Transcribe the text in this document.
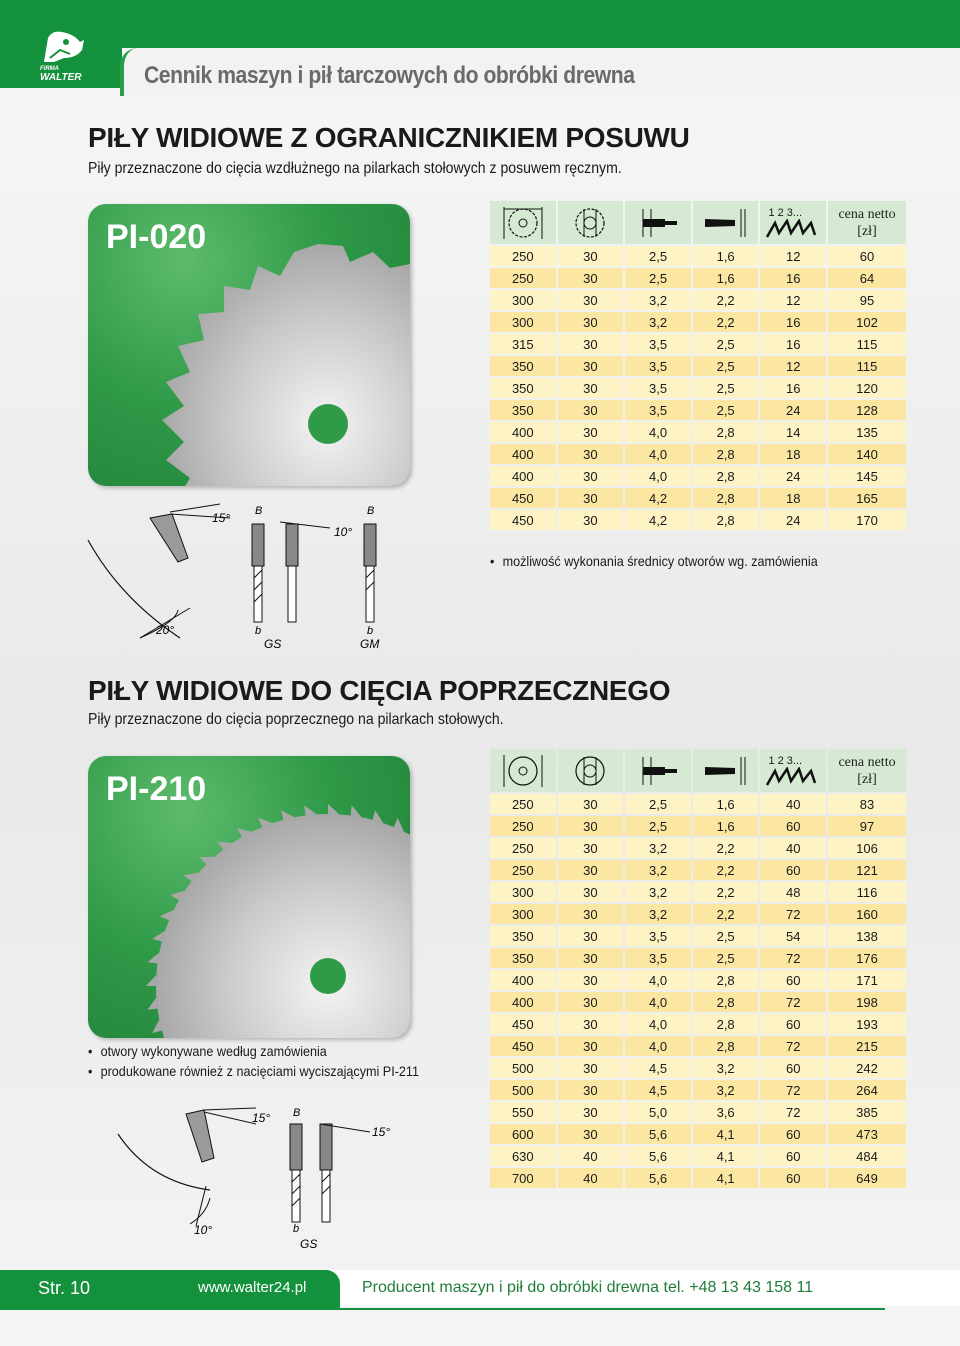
FIRMA
WALTER	Cennik maszyn i pił tarczowych do obróbki drewna
PIŁY WIDIOWE Z OGRANICZNIKIEM POSUWU
Piły przeznaczone do cięcia wzdłużnego na pilarkach stołowych z posuwem ręcznym.
PI-020

1 2 3...	cena netto
[zł]

250	30	2,5	1,6	12	60
250	30	2,5	1,6	16	64
300	30	3,2	2,2	12	95
300	30	3,2	2,2	16	102
315	30	3,5	2,5	16	115
350	30	3,5	2,5	12	115
350	30	3,5	2,5	16	120
350	30	3,5	2,5	24	128
400	30	4,0	2,8	14	135
400	30	4,0	2,8	18	140
400	30	4,0	2,8	24	145
450	30	4,2	2,8	18	165
450	30	4,2	2,8	24	170
• możliwość wykonania średnicy otworów wg. zamówienia
15°
20°
B
b
GS
10°
B
b
GM
PIŁY WIDIOWE DO CIĘCIA POPRZECZNEGO
Piły przeznaczone do cięcia poprzecznego na pilarkach stołowych.
PI-210

1 2 3...	cena netto
[zł]

250	30	2,5	1,6	40	83
250	30	2,5	1,6	60	97
250	30	3,2	2,2	40	106
250	30	3,2	2,2	60	121
300	30	3,2	2,2	48	116
300	30	3,2	2,2	72	160
350	30	3,5	2,5	54	138
350	30	3,5	2,5	72	176
400	30	4,0	2,8	60	171
400	30	4,0	2,8	72	198
450	30	4,0	2,8	60	193
450	30	4,0	2,8	72	215
500	30	4,5	3,2	60	242
500	30	4,5	3,2	72	264
550	30	5,0	3,6	72	385
600	30	5,6	4,1	60	473
630	40	5,6	4,1	60	484
700	40	5,6	4,1	60	649
• otwory wykonywane według zamówienia
• produkowane również z nacięciami wyciszającymi PI-211
15°
10°
B
b
GS
15°
Str. 10	www.walter24.pl	Producent maszyn i pił do obróbki drewna tel. +48 13 43 158 11
